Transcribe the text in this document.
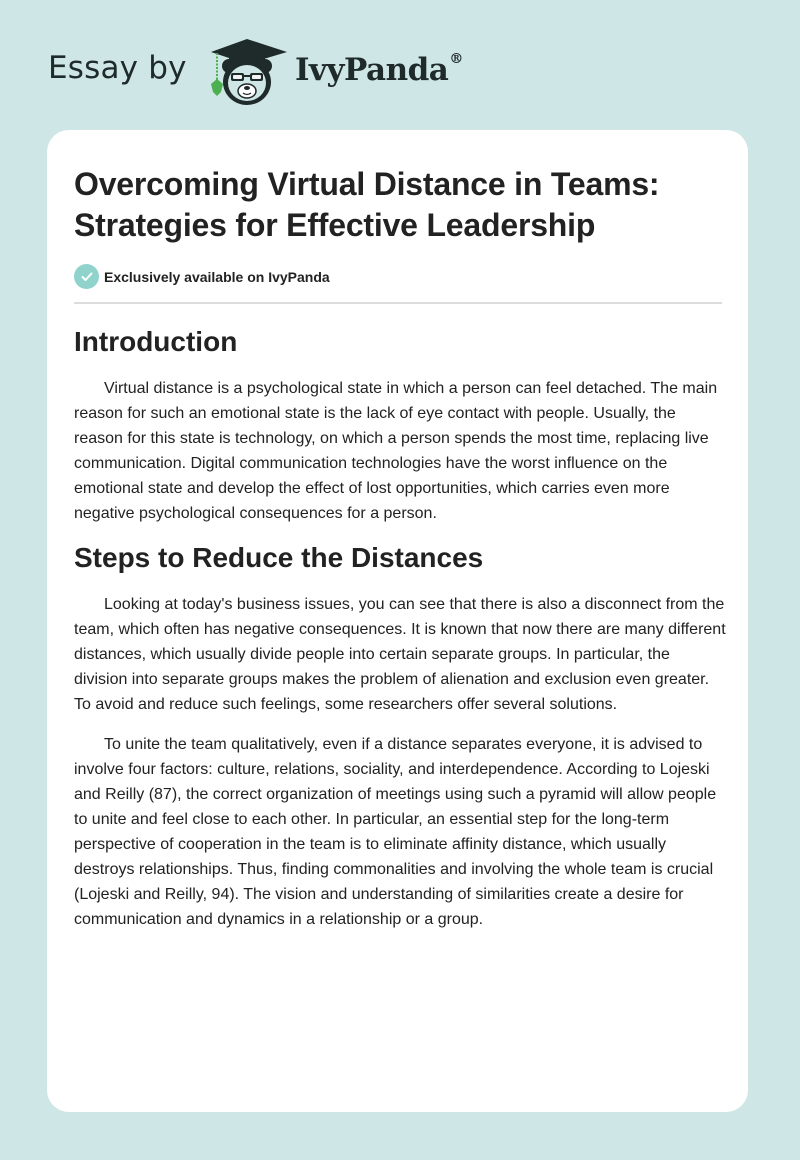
Essay by	IvyPanda®
Overcoming Virtual Distance in Teams: Strategies for Effective Leadership
Exclusively available on IvyPanda
Introduction

Virtual distance is a psychological state in which a person can feel detached. The main reason for such an emotional state is the lack of eye contact with people. Usually, the reason for this state is technology, on which a person spends the most time, replacing live communication. Digital communication technologies have the worst influence on the emotional state and develop the effect of lost opportunities, which carries even more negative psychological consequences for a person.

Steps to Reduce the Distances

Looking at today's business issues, you can see that there is also a disconnect from the team, which often has negative consequences. It is known that now there are many different distances, which usually divide people into certain separate groups. In particular, the division into separate groups makes the problem of alienation and exclusion even greater. To avoid and reduce such feelings, some researchers offer several solutions.

To unite the team qualitatively, even if a distance separates everyone, it is advised to involve four factors: culture, relations, sociality, and interdependence. According to Lojeski and Reilly (87), the correct organization of meetings using such a pyramid will allow people to unite and feel close to each other. In particular, an essential step for the long-term perspective of cooperation in the team is to eliminate affinity distance, which usually destroys relationships. Thus, finding commonalities and involving the whole team is crucial (Lojeski and Reilly, 94). The vision and understanding of similarities create a desire for communication and dynamics in a relationship or a group.
